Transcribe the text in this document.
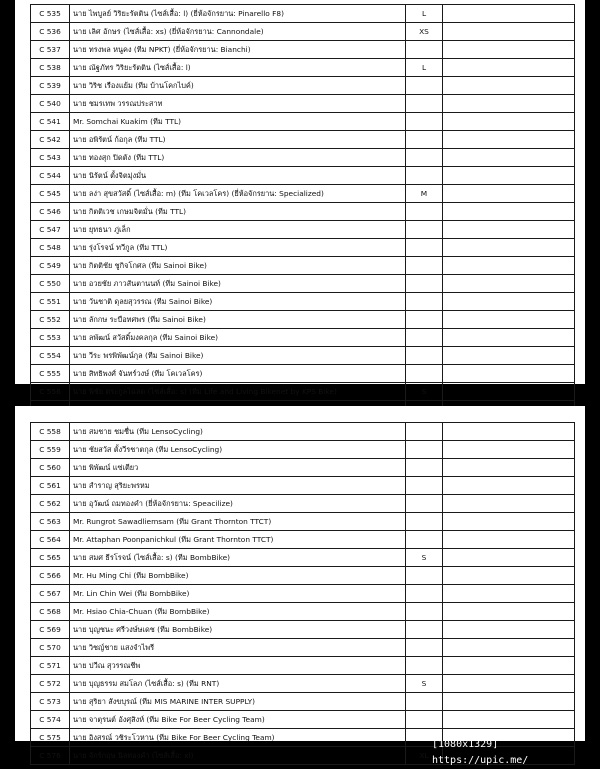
C 535	นาย ไพบูลย์ วิริยะรัตติน (ไซส์เสื้อ: l) (ยี่ห้อจักรยาน: Pinarello F8)	L	
C 536	นาย เลิศ อักษร (ไซส์เสื้อ: xs) (ยี่ห้อจักรยาน: Cannondale)	XS	
C 537	นาย ทรงพล หนูคง (ทีม NPKT) (ยี่ห้อจักรยาน: Bianchi)		
C 538	นาย ณัฐภัทร วิริยะรัตติน (ไซส์เสื้อ: l)	L	
C 539	นาย วิริช เรืองแย้ม (ทีม บ้านโคกไบค์)		
C 540	นาย ชมรเทพ วรรณประสาท		
C 541	Mr. Somchai Kuakim (ทีม TTL)		
C 542	นาย อพิรัตน์ ก้อกุล (ทีม TTL)		
C 543	นาย ทองสุก ปิดตัง (ทีม TTL)		
C 544	นาย นิรัตน์ ตั้งจิตมุ่งมั่น		
C 545	นาย ลง่า สุขสวัสดิ์ (ไซส์เสื้อ: m) (ทีม โคเวลโคร) (ยี่ห้อจักรยาน: Specialized)	M	
C 546	นาย กิตติเวช เกษมจิตมั่น (ทีม TTL)		
C 547	นาย ยุทธนา ภู่เล็ก		
C 548	นาย รุ่งโรจน์ ทวีกูล (ทีม TTL)		
C 549	นาย กิตติชัย ชูกิจโกศล (ทีม Sainoi Bike)		
C 550	นาย อวยชัย ภาวสันตานนท์ (ทีม Sainoi Bike)		
C 551	นาย วันชาติ ดุลยสุวรรณ (ทีม Sainoi Bike)		
C 552	นาย ลักกษ ระบือทศพร (ทีม Sainoi Bike)		
C 553	นาย ลพัฒน์ สวัสดิ์มงคลกุล (ทีม Sainoi Bike)		
C 554	นาย วีระ พรพิพัฒน์กุล (ทีม Sainoi Bike)		
C 555	นาย สิทธิพงศ์ จันทร์วงษ์ (ทีม โคเวลโคร)		
C 556	นาย พิชัย ตระกูลไฉลด (ไซส์เสื้อ: s) (ทีม Life and Living Bikenet by KPS Bike)	S	

C 558	นาย สมชาย ชมชื่น (ทีม LensoCycling)		
C 559	นาย ชัยสวัส ตั้งวีรชาตกุล (ทีม LensoCycling)		
C 560	นาย พิพัฒน์ แซ่เตียว		
C 561	นาย สำราญ สุริยะพรหม		
C 562	นาย อุวัฒน์ ถมทองคำ (ยี่ห้อจักรยาน: Speacilize)		
C 563	Mr. Rungrot Sawadliemsam (ทีม Grant Thornton TTCT)		
C 564	Mr. Attaphan Poonpanichkul (ทีม Grant Thornton TTCT)		
C 565	นาย สมศ ธีรโรจน์ (ไซส์เสื้อ: s) (ทีม BombBike)	S	
C 566	Mr. Hu Ming Chi (ทีม BombBike)		
C 567	Mr. Lin Chin Wei (ทีม BombBike)		
C 568	Mr. Hsiao Chia-Chuan (ทีม BombBike)		
C 569	นาย บุญชนะ ศรีวงษ์ษเดช (ทีม BombBike)		
C 570	นาย วิชญ์ชาย แสงจำไพรี		
C 571	นาย ปวีณ สุวรรณชีพ		
C 572	นาย บุญธรรม สมโลภ (ไซส์เสื้อ: s) (ทีม RNT)	S	
C 573	นาย สุริยา สังขบุรณ์ (ทีม MIS MARINE INTER SUPPLY)		
C 574	นาย จาตุรนต์ อังศุสิงห์ (ทีม Bike For Beer Cycling Team)		
C 575	นาย อิงสรณ์ วชิระโวหาน (ทีม Bike For Beer Cycling Team)		
C 576	นาย จักร์กฤษ นิลทองคำ (ไซส์เสื้อ: xl)	XL	
[1080x1329] https://upic.me/
